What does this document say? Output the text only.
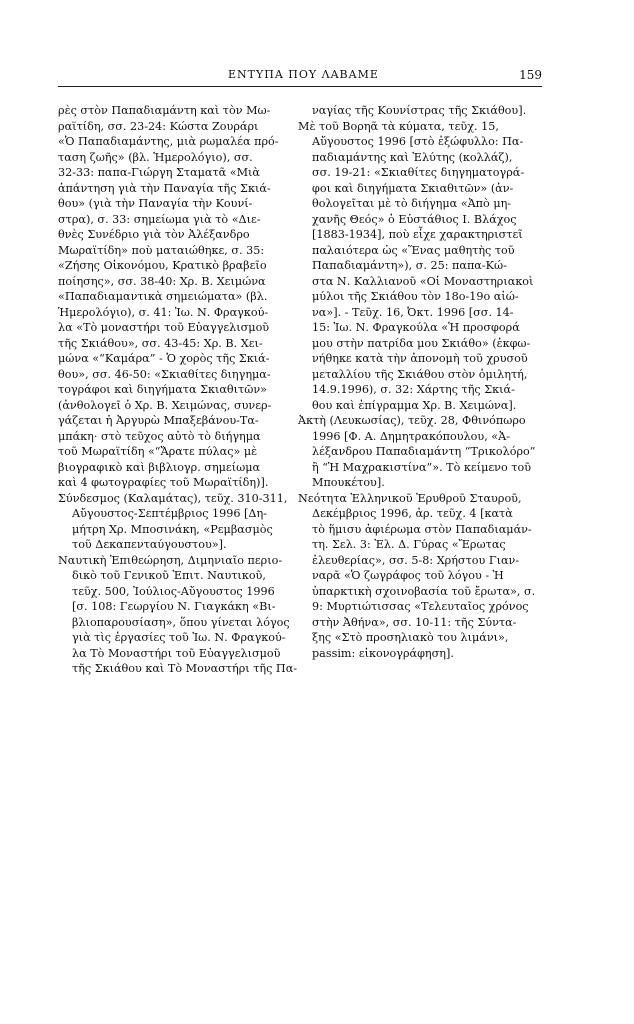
ΕΝΤΥΠΑ ΠΟΥ ΛΑΒΑΜΕ	159

ρὲς στὸν Παπαδιαμάντη καὶ τὸν Μω-

ραϊτίδη, σσ. 23-24: Κώστα Ζουράρι

«Ὁ Παπαδιαμάντης, μιὰ ρωμαλέα πρό-

ταση ζωῆς» (βλ. Ἡμερολόγιο), σσ.

32-33: παπα-Γιώργη Σταματᾶ «Μιὰ

ἀπάντηση γιὰ τὴν Παναγία τῆς Σκιά-

θου» (γιὰ τὴν Παναγία τὴν Κουνί-

στρα), σ. 33: σημείωμα γιὰ τὸ «Διε-

θνὲς Συνέδριο γιὰ τὸν Ἀλέξανδρο

Μωραϊτίδη» ποὺ ματαιώθηκε, σ. 35:

«Ζήσης Οἰκονόμου, Κρατικὸ βραβεῖο

ποίησης», σσ. 38-40: Χρ. Β. Χειμώνα

«Παπαδιαμαντικὰ σημειώματα» (βλ.

Ἡμερολόγιο), σ. 41: Ἰω. Ν. Φραγκού-

λα «Τὸ μοναστήρι τοῦ Εὐαγγελισμοῦ

τῆς Σκιάθου», σσ. 43-45: Χρ. Β. Χει-

μώνα «“Καμάρα” - Ὁ χορὸς τῆς Σκιά-

θου», σσ. 46-50: «Σκιαθίτες διηγημα-

τογράφοι καὶ διηγήματα Σκιαθιτῶν»

(ἀνθολογεῖ ὁ Χρ. Β. Χειμώνας, συνερ-

γάζεται ἡ Ἀργυρὼ Μπαξεβάνου-Τα-

μπάκη· στὸ τεῦχος αὐτὸ τὸ διήγημα

τοῦ Μωραϊτίδη «“Ἄρατε πύλας» μὲ

βιογραφικὸ καὶ βιβλιογρ. σημείωμα

καὶ 4 φωτογραφίες τοῦ Μωραϊτίδη)].

Σύνδεσμος (Καλαμάτας), τεῦχ. 310-311,

Αὔγουστος-Σεπτέμβριος 1996 [Δη-

μήτρη Χρ. Μποσινάκη, «Ρεμβασμὸς

τοῦ Δεκαπενταύγουστου»].

Ναυτικὴ Ἐπιθεώρηση, Διμηνιαῖο περιο-

δικὸ τοῦ Γενικοῦ Ἐπιτ. Ναυτικοῦ,

τεῦχ. 500, Ἰούλιος-Αὔγουστος 1996

[σ. 108: Γεωργίου Ν. Γιαγκάκη «Βι-

βλιοπαρουσίαση», ὅπου γίνεται λόγος

γιὰ τὶς ἐργασίες τοῦ Ἰω. Ν. Φραγκού-

λα Τὸ Μοναστήρι τοῦ Εὐαγγελισμοῦ

τῆς Σκιάθου καὶ Τὸ Μοναστήρι τῆς Πα-

ναγίας τῆς Κουνίστρας τῆς Σκιάθου].

Μὲ τοῦ Βορηᾶ τὰ κύματα, τεῦχ. 15,

Αὔγουστος 1996 [στὸ ἐξώφυλλο: Πα-

παδιαμάντης καὶ Ἐλύτης (κολλάζ),

σσ. 19-21: «Σκιαθίτες διηγηματογρά-

φοι καὶ διηγήματα Σκιαθιτῶν» (ἀν-

θολογεῖται μὲ τὸ διήγημα «Ἀπὸ μη-

χανῆς Θεός» ὁ Εὐστάθιος Ι. Βλάχος

[1883-1934], ποὺ εἶχε χαρακτηριστεῖ

παλαιότερα ὡς «Ἕνας μαθητὴς τοῦ

Παπαδιαμάντη»), σ. 25: παπα-Κώ-

στα Ν. Καλλιανοῦ «Οἱ Μοναστηριακοὶ

μύλοι τῆς Σκιάθου τὸν 18ο-19ο αἰώ-

να»]. - Τεῦχ. 16, Ὀκτ. 1996 [σσ. 14-

15: Ἰω. Ν. Φραγκούλα «Ἡ προσφορά

μου στὴν πατρίδα μου Σκιάθο» (ἐκφω-

νήθηκε κατὰ τὴν ἀπονομὴ τοῦ χρυσοῦ

μεταλλίου τῆς Σκιάθου στὸν ὁμιλητή,

14.9.1996), σ. 32: Χάρτης τῆς Σκιά-

θου καὶ ἐπίγραμμα Χρ. Β. Χειμώνα].

Ἀκτὴ (Λευκωσίας), τεῦχ. 28, Φθινόπωρο

1996 [Φ. Α. Δημητρακόπουλου, «Ἀ-

λέξανδρου Παπαδιαμάντη “Τρικολόρο”

ἢ “Ἡ Μαχρακιστίνα”». Τὸ κείμενο τοῦ

Μπουκέτου].

Νεότητα Ἑλληνικοῦ Ἐρυθροῦ Σταυροῦ,

Δεκέμβριος 1996, ἀρ. τεῦχ. 4 [κατὰ

τὸ ἥμισυ ἀφιέρωμα στὸν Παπαδιαμάν-

τη. Σελ. 3: Ἐλ. Δ. Γύρας «Ἔρωτας

ἐλευθερίας», σσ. 5-8: Χρήστου Γιαν-

ναρᾶ «Ὁ ζωγράφος τοῦ λόγου - Ἡ

ὑπαρκτικὴ σχοινοβασία τοῦ ἔρωτα», σ.

9: Μυρτιώτισσας «Τελευταῖος χρόνος

στὴν Ἀθήνα», σσ. 10-11: τῆς Σύντα-

ξης «Στὸ προσηλιακὸ του λιμάνι»,

passim: εἰκονογράφηση].
